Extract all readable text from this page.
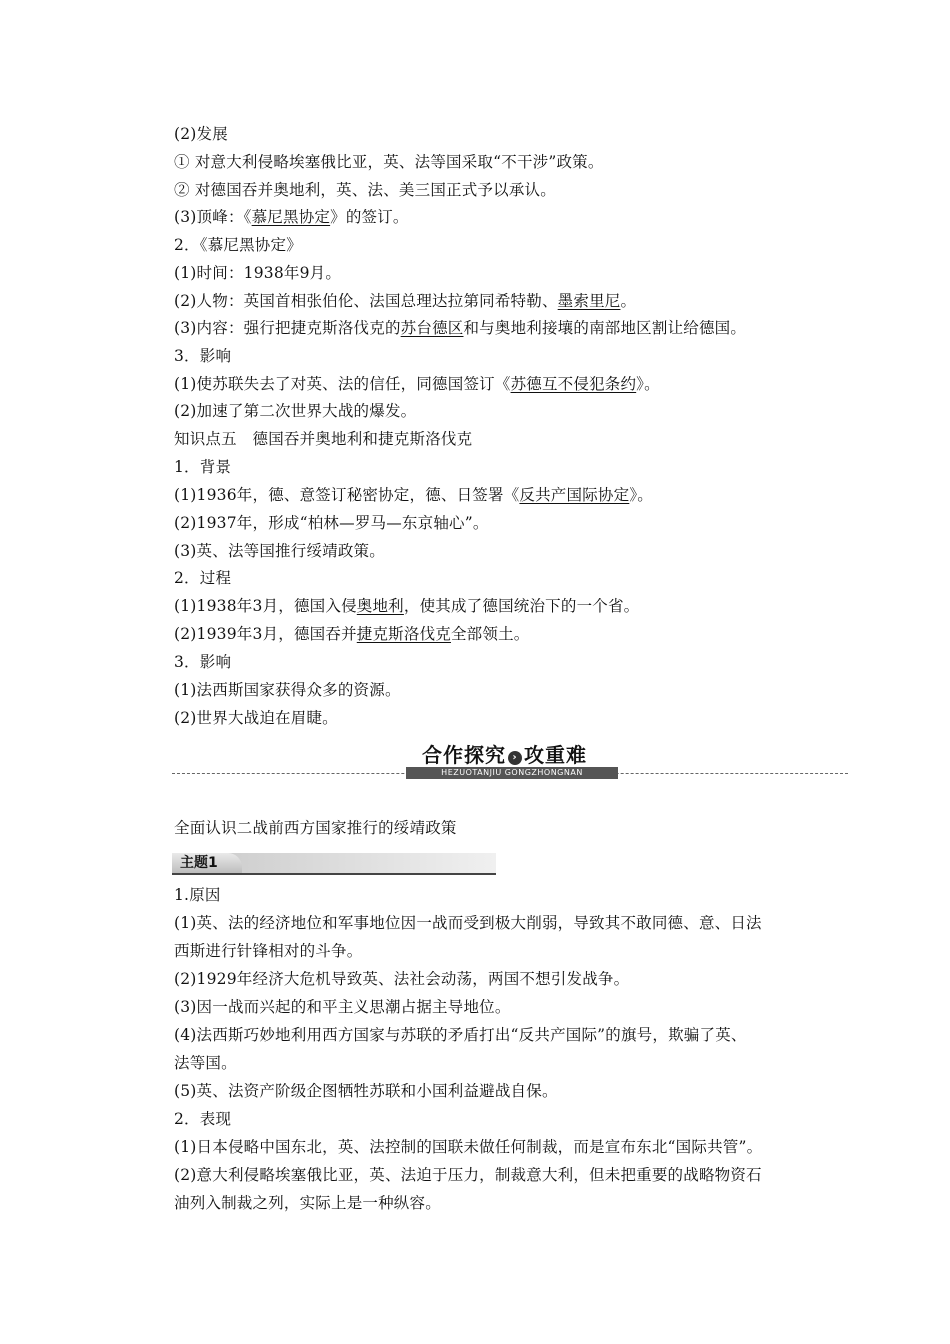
(2)发展
① 对意大利侵略埃塞俄比亚，英、法等国采取“不干涉”政策。
② 对德国吞并奥地利，英、法、美三国正式予以承认。
(3)顶峰：《慕尼黑协定》的签订。
2．《慕尼黑协定》
(1)时间：1938年9月。
(2)人物：英国首相张伯伦、法国总理达拉第同希特勒、墨索里尼。
(3)内容：强行把捷克斯洛伐克的苏台德区和与奥地利接壤的南部地区割让给德国。
3．影响
(1)使苏联失去了对英、法的信任，同德国签订《苏德互不侵犯条约》。
(2)加速了第二次世界大战的爆发。
知识点五　德国吞并奥地利和捷克斯洛伐克
1．背景
(1)1936年，德、意签订秘密协定，德、日签署《反共产国际协定》。
(2)1937年，形成“柏林—罗马—东京轴心”。
(3)英、法等国推行绥靖政策。
2．过程
(1)1938年3月，德国入侵奥地利，使其成了德国统治下的一个省。
(2)1939年3月，德国吞并捷克斯洛伐克全部领土。
3．影响
(1)法西斯国家获得众多的资源。
(2)世界大战迫在眉睫。
合作探究 › 攻重难
HEZUOTANJIU GONGZHONGNAN
全面认识二战前西方国家推行的绥靖政策
1.原因
(1)英、法的经济地位和军事地位因一战而受到极大削弱，导致其不敢同德、意、日法
西斯进行针锋相对的斗争。
(2)1929年经济大危机导致英、法社会动荡，两国不想引发战争。
(3)因一战而兴起的和平主义思潮占据主导地位。
(4)法西斯巧妙地利用西方国家与苏联的矛盾打出“反共产国际”的旗号，欺骗了英、
法等国。
(5)英、法资产阶级企图牺牲苏联和小国利益避战自保。
2．表现
(1)日本侵略中国东北，英、法控制的国联未做任何制裁，而是宣布东北“国际共管”。
(2)意大利侵略埃塞俄比亚，英、法迫于压力，制裁意大利，但未把重要的战略物资石
油列入制裁之列，实际上是一种纵容。
主题1
